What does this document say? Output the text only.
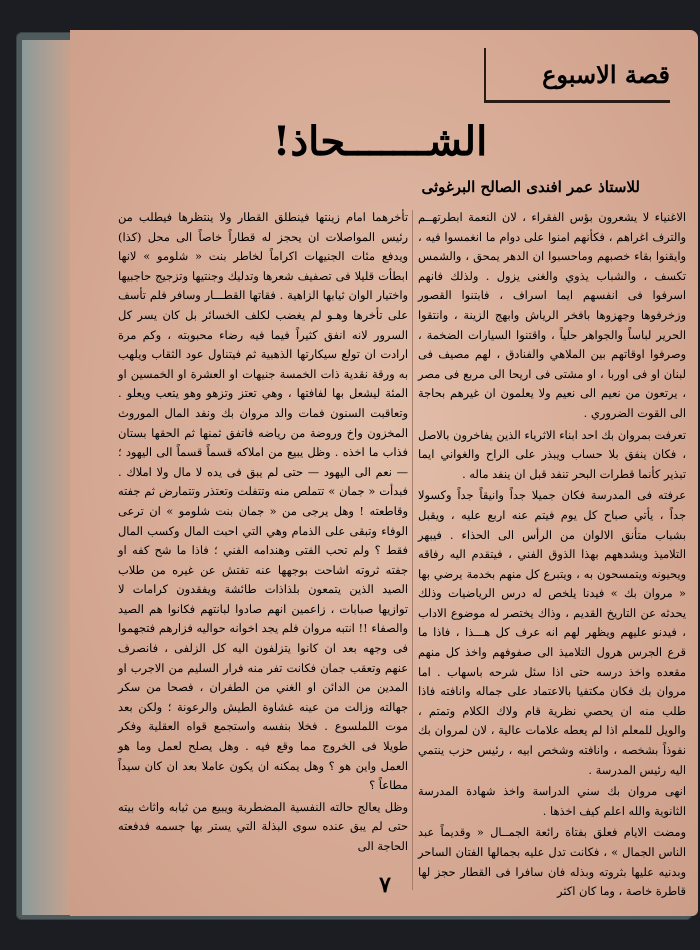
قصة الاسبوع
الشـــــــحاذ!
للاستاذ عمر افندى الصالح البرغوثى

الاغنياء لا يشعرون بؤس الفقراء ، لان النعمة ابطرتهــم والترف اغراهم ، فكأنهم امنوا على دوام ما انغمسوا فيه ، وايقنوا بقاء خصبهم وماحسبوا ان الدهر يمحق ، والشمس تكسف ، والشباب يذوي والغنى يزول . ولذلك فانهم اسرفوا فى انفسهم ايما اسراف ، فابتنوا القصور وزخرفوها وجهزوها بافخر الرياش وابهج الزينة ، وانتقوا الحرير لباساً والجواهر حلياً ، واقتنوا السيارات الضخمة ، وصرفوا اوقاتهم بين الملاهي والفنادق ، لهم مصيف فى لبنان او فى اوربا ، او مشتى فى اريحا الى مربع فى مصر ، يرتعون من نعيم الى نعيم ولا يعلمون ان غيرهم بحاجة الى القوت الضروري .

تعرفت بمروان بك احد ابناء الاثرياء الذين يفاخرون بالاصل ، فكان ينفق بلا حساب ويبذر على الراح والغواني ايما تبذير كأنما قطرات البحر تنفد قبل ان ينفد ماله .

عرفته فى المدرسة فكان جميلا جداً وانيقاً جداً وكسولا جداً ، يأتي صباح كل يوم فيتم عنه اربع عليه ، ويقبل بشباب متأنق الالوان من الرأس الى الحذاء . فيبهر التلاميذ ويشدههم بهذا الذوق الفني ، فيتقدم اليه رفاقه ويحيونه ويتمسحون به ، ويتبرع كل منهم بخدمة يرضي بها « مروان بك » فيدنا يلخص له درس الرياضيات وذلك يحدثه عن التاريخ القديم ، وذاك يختصر له موضوع الاداب ، فيدنو عليهم ويظهر لهم انه عرف كل هـــذا ، فاذا ما قرع الجرس هرول التلاميذ الى صفوفهم واخذ كل منهم مقعده واخذ درسه حتى اذا سئل شرحه باسهاب . اما مروان بك فكان مكتفيا بالاعتماد على جماله وانافته فاذا طلب منه ان يحصي نظرية قام ولاك الكلام وتمتم ، والويل للمعلم اذا لم يعطه علامات عالية ، لان لمروان بك نفوذاً بشخصه ، وانافته وشخص ابيه ، رئيس حزب ينتمي اليه رئيس المدرسة .

انهى مروان بك سني الدراسة واخذ شهادة المدرسة الثانوية والله اعلم كيف اخذها .

ومضت الايام فعلق بفتاة رائعة الجمــال « وقديماً عبد الناس الجمال » ، فكانت تدل عليه بجمالها الفتان الساحر وبدنيه عليها بثروته وبذله فان سافرا فى القطار حجز لها قاطرة خاصة ، وما كان اكثر

تأخرهما امام زينتها فينطلق القطار ولا ينتظرها فيطلب من رئيس المواصلات ان يحجز له قطاراً خاصاً الى محل (كذا) ويدفع مئات الجنيهات اكراماً لخاطر بنت « شلومو » لانها ابطأت قليلا فى تصفيف شعرها وتدليك وجنتيها وتزجيج حاجبيها واختيار الوان ثيابها الزاهية . فقاتها القطـــار وسافر فلم تأسف على تأخرها وهـو لم يغضب لكلف الخسائر بل كان يسر كل السرور لانه انفق كثيراً فيما فيه رضاء محبوبته ، وكم مرة ارادت ان تولع سيكارتها الذهبية ثم فيتناول عود الثقاب ويلهب به ورقة نقدية ذات الخمسة جنيهات او العشرة او الخمسين او المئة ليشعل بها لفافتها ، وهي تعتز وتزهو وهو يتعب ويعلو . وتعاقبت السنون فمات والد مروان بك ونفد المال الموروث المخزون واخ وروضة من رياضه فاتفق ثمنها ثم الحقها بستان فذاب ما اخذه . وظل يبيع من املاكه قسماً قسماً الى اليهود ؛ — نعم الى اليهود — حتى لم يبق فى يده لا مال ولا املاك . فبدأت « جمان » تتملص منه وتتفلت وتعتذر وتتمارض ثم جفته وقاطعته ! وهل يرجى من « جمان بنت شلومو » ان ترعى الوفاء وتبقى على الذمام وهي التي احبت المال وكسب المال فقط ؟ ولم تحب الفتى وهندامه الفني ؛ فاذا ما شح كفه او جفته ثروته اشاحت بوجهها عنه تفتش عن غيره من طلاب الصيد الذين يتمعون بلذاذات طائشة ويفقدون كرامات لا توازيها صبابات ، زاعمين انهم صادوا لبانتهم فكانوا هم الصيد والصفاء !! انتبه مروان فلم يجد اخوانه حواليه فزارهم فتجهموا فى وجهه بعد ان كانوا يتزلفون اليه كل الزلفى ، فانصرف عنهم وتعقب جمان فكانت تفر منه فرار السليم من الاجرب او المدين من الدائن او الغني من الطفران ، فصحا من سكر جهالته وزالت من عينه غشاوة الطيش والرعونة ؛ ولكن بعد موت اللملسوع . فخلا بنفسه واستجمع قواه العقلية وفكر طويلا فى الخروج مما وقع فيه . وهل يصلح لعمل وما هو العمل واين هو ؟ وهل يمكنه ان يكون عاملا بعد ان كان سيداً مطاعاً ؟

وظل يعالج حالته النفسية المضطربة ويبيع من ثيابه واثاث بيته حتى لم يبق عنده سوى البذلة التي يستر بها جسمه فدفعته الحاجة الى

٧
